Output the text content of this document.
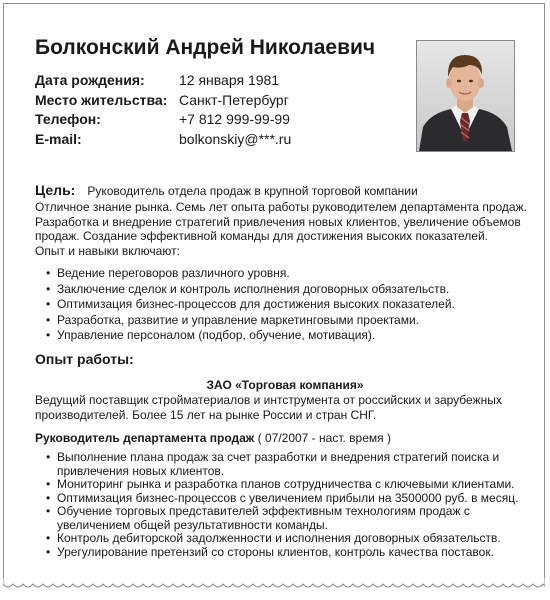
Болконский Андрей Николаевич
Дата рождения:	12 января 1981
Место жительства: Санкт-Петербург
Телефон:	+7 812 999-99-99
E-mail:	bolkonskiy@***.ru
Цель: Руководитель отдела продаж в крупной торговой компании

Отличное знание рынка. Семь лет опыта работы руководителем департамента продаж. Разработка и внедрение стратегий привлечения новых клиентов, увеличение объемов продаж. Создание эффективной команды для достижения высоких показателей.

Опыт и навыки включают:

• Ведение переговоров различного уровня.
• Заключение сделок и контроль исполнения договорных обязательств.
• Оптимизация бизнес-процессов для достижения высоких показателей.
• Разработка, развитие и управление маркетинговыми проектами.
• Управление персоналом (подбор, обучение, мотивация).
Опыт работы:
ЗАО «Торговая компания»
Ведущий поставщик стройматериалов и интструмента от российских и зарубежных производителей. Более 15 лет на рынке России и стран СНГ.
Руководитель департамента продаж ( 07/2007 - наст. время )
• Выполнение плана продаж за счет разработки и внедрения стратегий поиска и привлечения новых клиентов.
• Мониторинг рынка и разработка планов сотрудничества с ключевыми клиентами.
• Оптимизация бизнес-процессов с увеличением прибыли на 3500000 руб. в месяц.
• Обучение торговых представителей эффективным технологиям продаж с увеличением общей результативности команды.
• Контроль дебиторской задолженности и исполнения договорных обязательств.
• Урегулирование претензий со стороны клиентов, контроль качества поставок.
